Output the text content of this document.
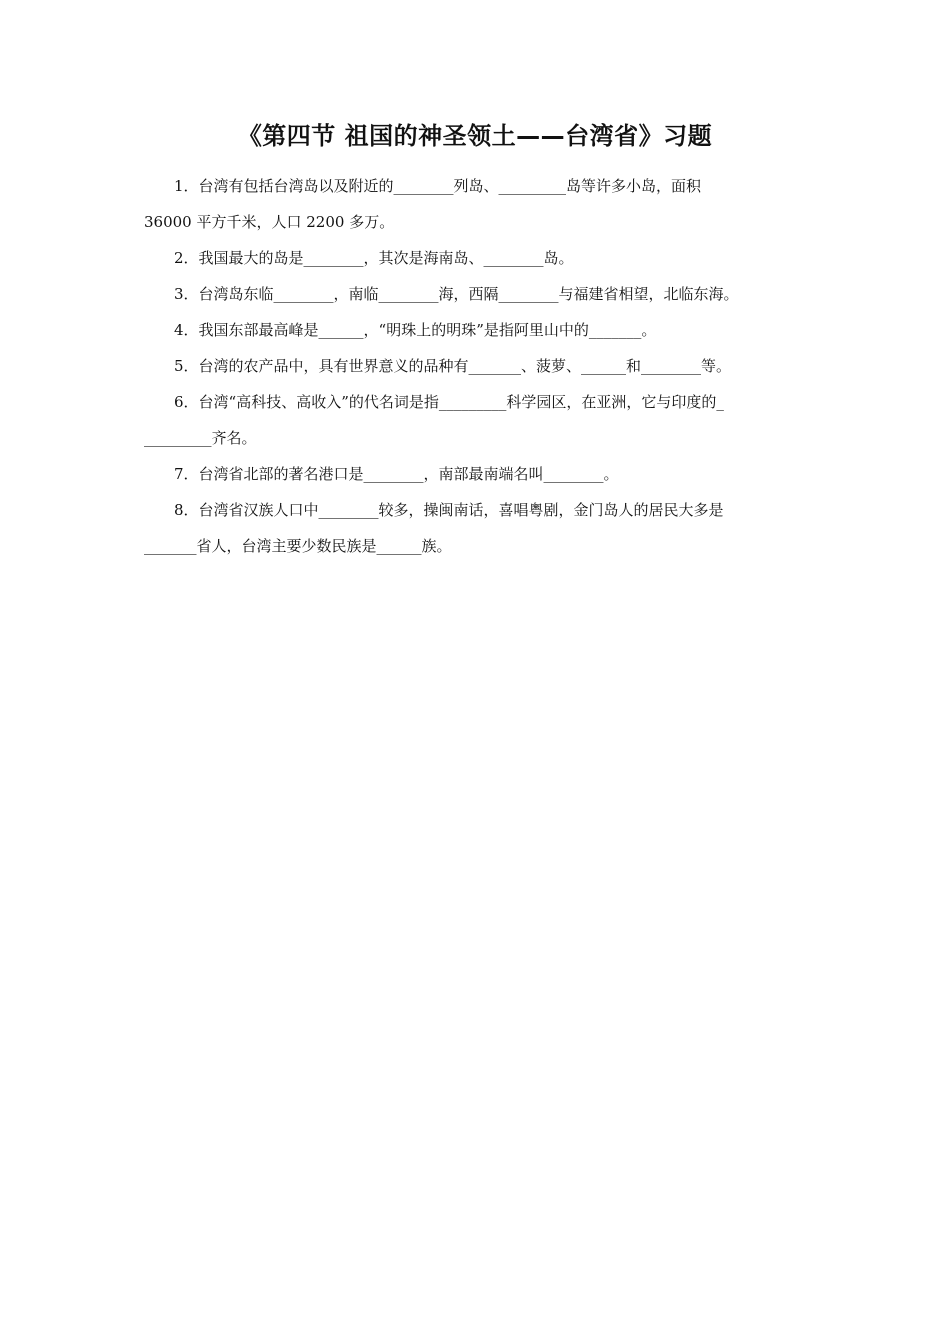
《第四节 祖国的神圣领土——台湾省》习题
1．台湾有包括台湾岛以及附近的________列岛、_________岛等许多小岛，面积
36000 平方千米，人口 2200 多万。
2．我国最大的岛是________，其次是海南岛、________岛。
3．台湾岛东临________，南临________海，西隔________与福建省相望，北临东海。
4．我国东部最高峰是______，“明珠上的明珠”是指阿里山中的_______。
5．台湾的农产品中，具有世界意义的品种有_______、菠萝、______和________等。
6．台湾“高科技、高收入”的代名词是指_________科学园区，在亚洲，它与印度的_
_________齐名。
7．台湾省北部的著名港口是________，南部最南端名叫________。
8．台湾省汉族人口中________较多，操闽南话，喜唱粤剧，金门岛人的居民大多是
_______省人，台湾主要少数民族是______族。
